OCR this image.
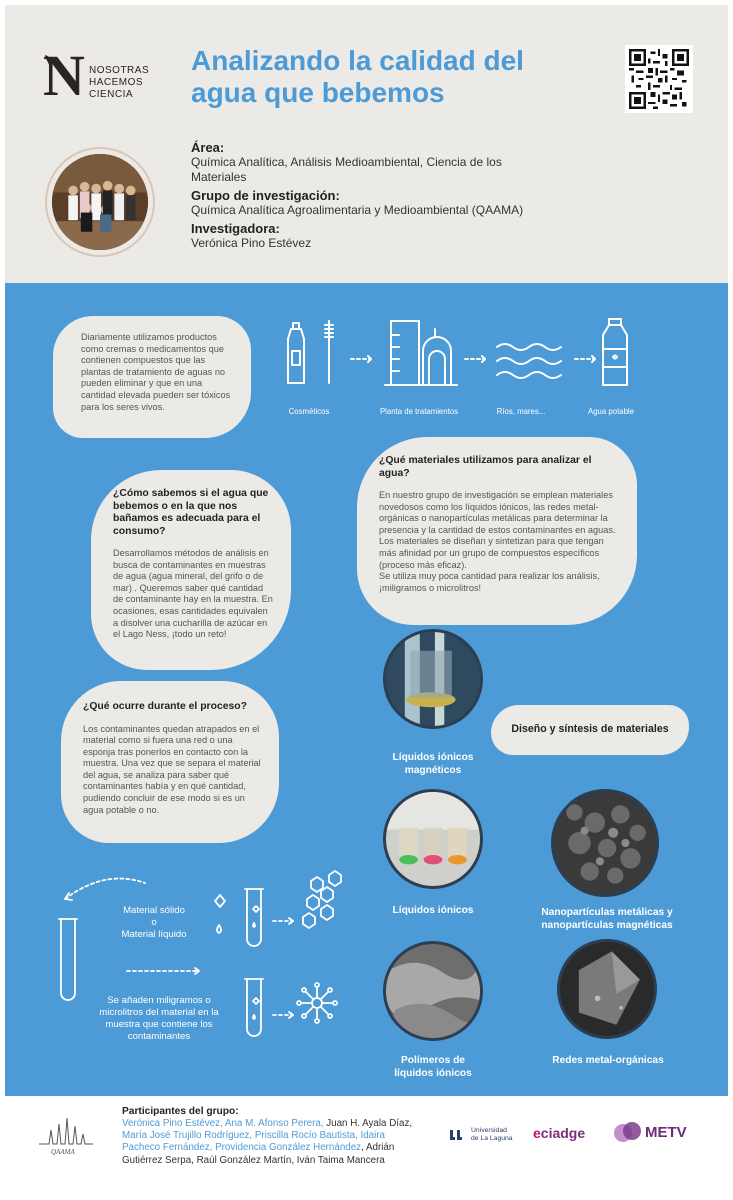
N NOSOTRAS
HACEMOS
CIENCIA
Analizando la calidad del agua que bebemos
Área:
Química Analítica, Análisis Medioambiental, Ciencia de los Materiales
Grupo de investigación:
Química Analítica Agroalimentaria y Medioambiental (QAAMA)
Investigadora:
Verónica Pino Estévez

Diariamente utilizamos productos como cremas o medicamentos que contienen compuestos que las plantas de tratamiento de aguas no pueden eliminar y que en una cantidad elevada pueden ser tóxicos para los seres vivos.	Cosméticos	Planta de tratamientos	Ríos, mares...	Agua potable
¿Cómo sabemos si el agua que bebemos o en la que nos bañamos es adecuada para el consumo?

Desarrollamos métodos de análisis en busca de contaminantes en muestras de agua (agua mineral, del grifo o de mar) . Queremos saber qué cantidad de contaminante hay en la muestra. En ocasiones, esas cantidades equivalen a disolver una cucharilla de azúcar en el Lago Ness, ¡todo un reto!

¿Qué materiales utilizamos para analizar el agua?

En nuestro grupo de investigación se emplean materiales novedosos como los líquidos iónicos, las redes metal-orgánicas o nanopartículas metálicas para determinar la presencia y la cantidad de estos contaminantes en aguas.
Los materiales se diseñan y sintetizan para que tengan más afinidad por un grupo de compuestos específicos (proceso más eficaz).
Se utiliza muy poca cantidad para realizar los análisis, ¡miligramos o microlitros!

¿Qué ocurre durante el proceso?

Los contaminantes quedan atrapados en el material como si fuera una red o una esponja tras ponerlos en contacto con la muestra. Una vez que se separa el material del agua, se analiza para saber qué contaminantes había y en qué cantidad, pudiendo concluir de ese modo si es un agua potable o no.

Diseño y síntesis de materiales
Líquidos iónicos magnéticos
Líquidos iónicos	Nanopartículas metálicas y nanopartículas magnéticas
Polímeros de líquidos iónicos
Redes metal-orgánicas
Material sólido
o
Material líquido
Se añaden miligramos o microlitros del material en la muestra que contiene los contaminantes
QAAMA
Participantes del grupo:
Verónica Pino Estévez, Ana M. Afonso Perera, Juan H. Ayala Díaz, María José Trujillo Rodríguez, Priscilla Rocío Bautista, Idaira Pacheco Fernández, Providencia González Hernández, Adrián Gutiérrez Serpa, Raúl González Martín, Iván Taima Mancera
Universidad de La Laguna eciadge	METV
